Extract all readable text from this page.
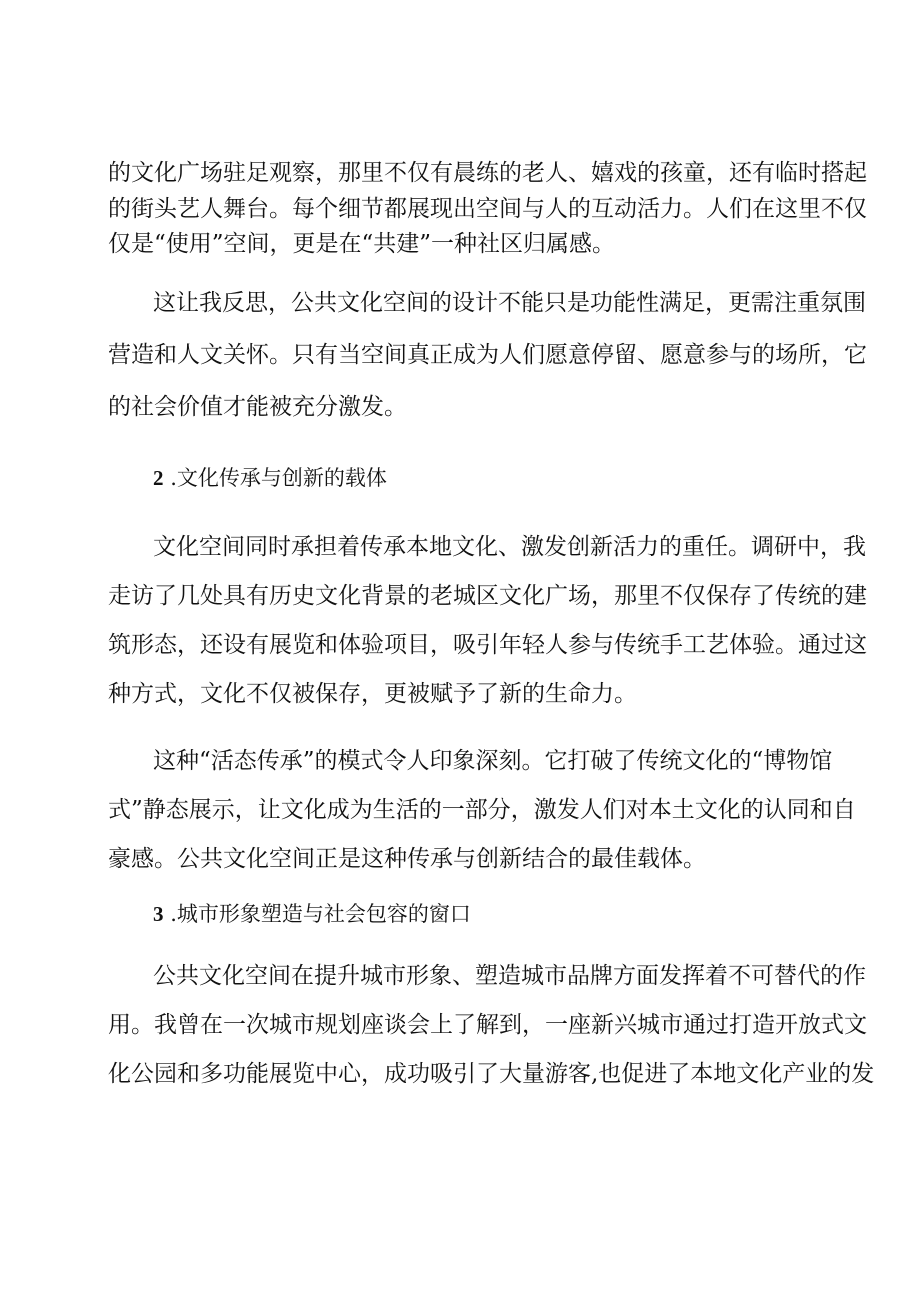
的文化广场驻足观察，那里不仅有晨练的老人、嬉戏的孩童，还有临时搭起

的街头艺人舞台。每个细节都展现出空间与人的互动活力。人们在这里不仅

仅是“使用”空间，更是在“共建”一种社区归属感。

这让我反思，公共文化空间的设计不能只是功能性满足，更需注重氛围

营造和人文关怀。只有当空间真正成为人们愿意停留、愿意参与的场所，它

的社会价值才能被充分激发。

2 .文化传承与创新的载体

文化空间同时承担着传承本地文化、激发创新活力的重任。调研中，我

走访了几处具有历史文化背景的老城区文化广场，那里不仅保存了传统的建

筑形态，还设有展览和体验项目，吸引年轻人参与传统手工艺体验。通过这

种方式，文化不仅被保存，更被赋予了新的生命力。

这种“活态传承”的模式令人印象深刻。它打破了传统文化的“博物馆

式”静态展示，让文化成为生活的一部分，激发人们对本土文化的认同和自

豪感。公共文化空间正是这种传承与创新结合的最佳载体。

3 .城市形象塑造与社会包容的窗口

公共文化空间在提升城市形象、塑造城市品牌方面发挥着不可替代的作

用。我曾在一次城市规划座谈会上了解到，一座新兴城市通过打造开放式文

化公园和多功能展览中心，成功吸引了大量游客,也促进了本地文化产业的发
